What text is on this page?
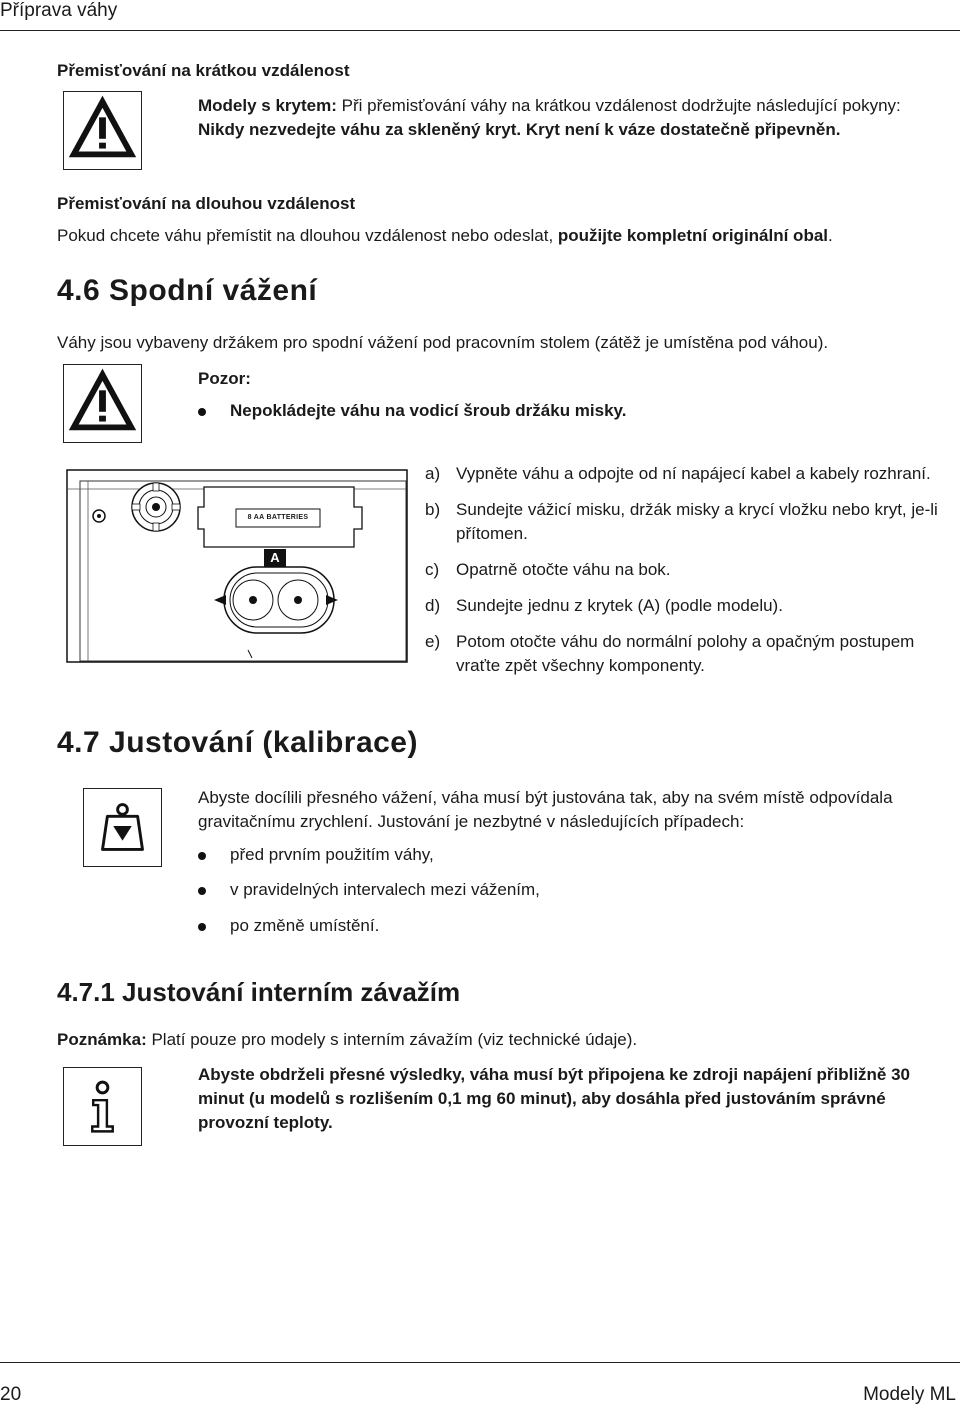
Příprava váhy
Přemisťování na krátkou vzdálenost
Modely s krytem: Při přemisťování váhy na krátkou vzdálenost dodržujte následující pokyny:
Nikdy nezvedejte váhu za skleněný kryt. Kryt není k váze dostatečně připevněn.
Přemisťování na dlouhou vzdálenost
Pokud chcete váhu přemístit na dlouhou vzdálenost nebo odeslat, použijte kompletní originální obal.
4.6 Spodní vážení
Váhy jsou vybaveny držákem pro spodní vážení pod pracovním stolem (zátěž je umístěna pod váhou).
Pozor:
Nepokládejte váhu na vodicí šroub držáku misky.
8 AA BATTERIES
A
a) Vypněte váhu a odpojte od ní napájecí kabel a kabely rozhraní.
b) Sundejte vážicí misku, držák misky a krycí vložku nebo kryt, je-li přítomen.
c) Opatrně otočte váhu na bok.
d) Sundejte jednu z krytek (A) (podle modelu).
e) Potom otočte váhu do normální polohy a opačným postupem vraťte zpět všechny komponenty.
4.7 Justování (kalibrace)
Abyste docílili přesného vážení, váha musí být justována tak, aby na svém místě odpovídala gravitačnímu zrychlení. Justování je nezbytné v následujících případech:
před prvním použitím váhy,
v pravidelných intervalech mezi vážením,
po změně umístění.
4.7.1 Justování interním závažím
Poznámka: Platí pouze pro modely s interním závažím (viz technické údaje).
Abyste obdrželi přesné výsledky, váha musí být připojena ke zdroji napájení přibližně 30 minut (u modelů s rozlišením 0,1 mg 60 minut), aby dosáhla před justováním správné provozní teploty.
20	Modely ML
